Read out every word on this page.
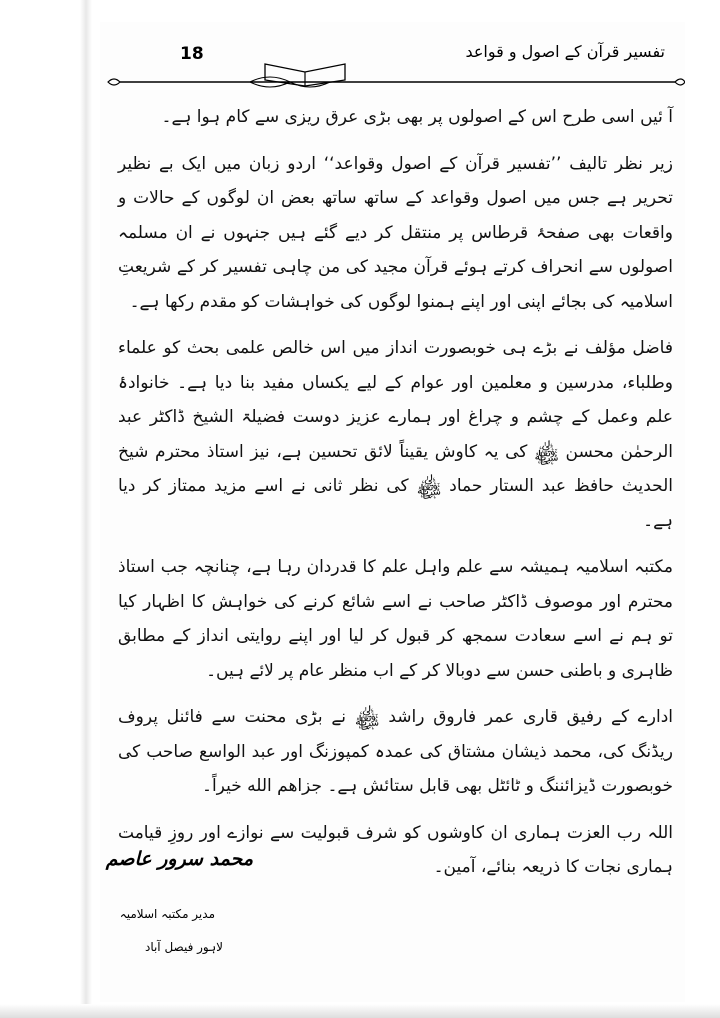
18	تفسیر قرآن کے اصول و قواعد

آ ئیں اسی طرح اس کے اصولوں پر بھی بڑی عرق ریزی سے کام ہوا ہے۔

زیر نظر تالیف ’’تفسیر قرآن کے اصول وقواعد‘‘ اردو زبان میں ایک بے نظیر تحریر ہے جس میں اصول وقواعد کے ساتھ ساتھ بعض ان لوگوں کے حالات و واقعات بھی صفحۂ قرطاس پر منتقل کر دیے گئے ہیں جنہوں نے ان مسلمہ اصولوں سے انحراف کرتے ہوئے قرآن مجید کی من چاہی تفسیر کر کے شریعتِ اسلامیہ کی بجائے اپنی اور اپنے ہمنوا لوگوں کی خواہشات کو مقدم رکھا ہے۔

فاضل مؤلف نے بڑے ہی خوبصورت انداز میں اس خالص علمی بحث کو علماء وطلباء، مدرسین و معلمین اور عوام کے لیے یکساں مفید بنا دیا ہے۔ خانوادۂ علم وعمل کے چشم و چراغ اور ہمارے عزیز دوست فضیلۃ الشیخ ڈاکٹر عبد الرحمٰن محسن ﷾ کی یہ کاوش یقیناً لائق تحسین ہے، نیز استاذ محترم شیخ الحدیث حافظ عبد الستار حماد ﷾ کی نظر ثانی نے اسے مزید ممتاز کر دیا ہے۔

مکتبہ اسلامیہ ہمیشہ سے علم واہل علم کا قدردان رہا ہے، چنانچہ جب استاذ محترم اور موصوف ڈاکٹر صاحب نے اسے شائع کرنے کی خواہش کا اظہار کیا تو ہم نے اسے سعادت سمجھ کر قبول کر لیا اور اپنے روایتی انداز کے مطابق ظاہری و باطنی حسن سے دوبالا کر کے اب منظر عام پر لائے ہیں۔

ادارے کے رفیق قاری عمر فاروق راشد ﷾ نے بڑی محنت سے فائنل پروف ریڈنگ کی، محمد ذیشان مشتاق کی عمدہ کمپوزنگ اور عبد الواسع صاحب کی خوبصورت ڈیزائننگ و ٹائٹل بھی قابل ستائش ہے۔ جزاهم الله خيراً۔

اللہ رب العزت ہماری ان کاوشوں کو شرف قبولیت سے نوازے اور روزِ قیامت ہماری نجات کا ذریعہ بنائے، آمین۔

محمد سرور عاصم
مدیر مکتبہ اسلامیہ
لاہور فیصل آباد
